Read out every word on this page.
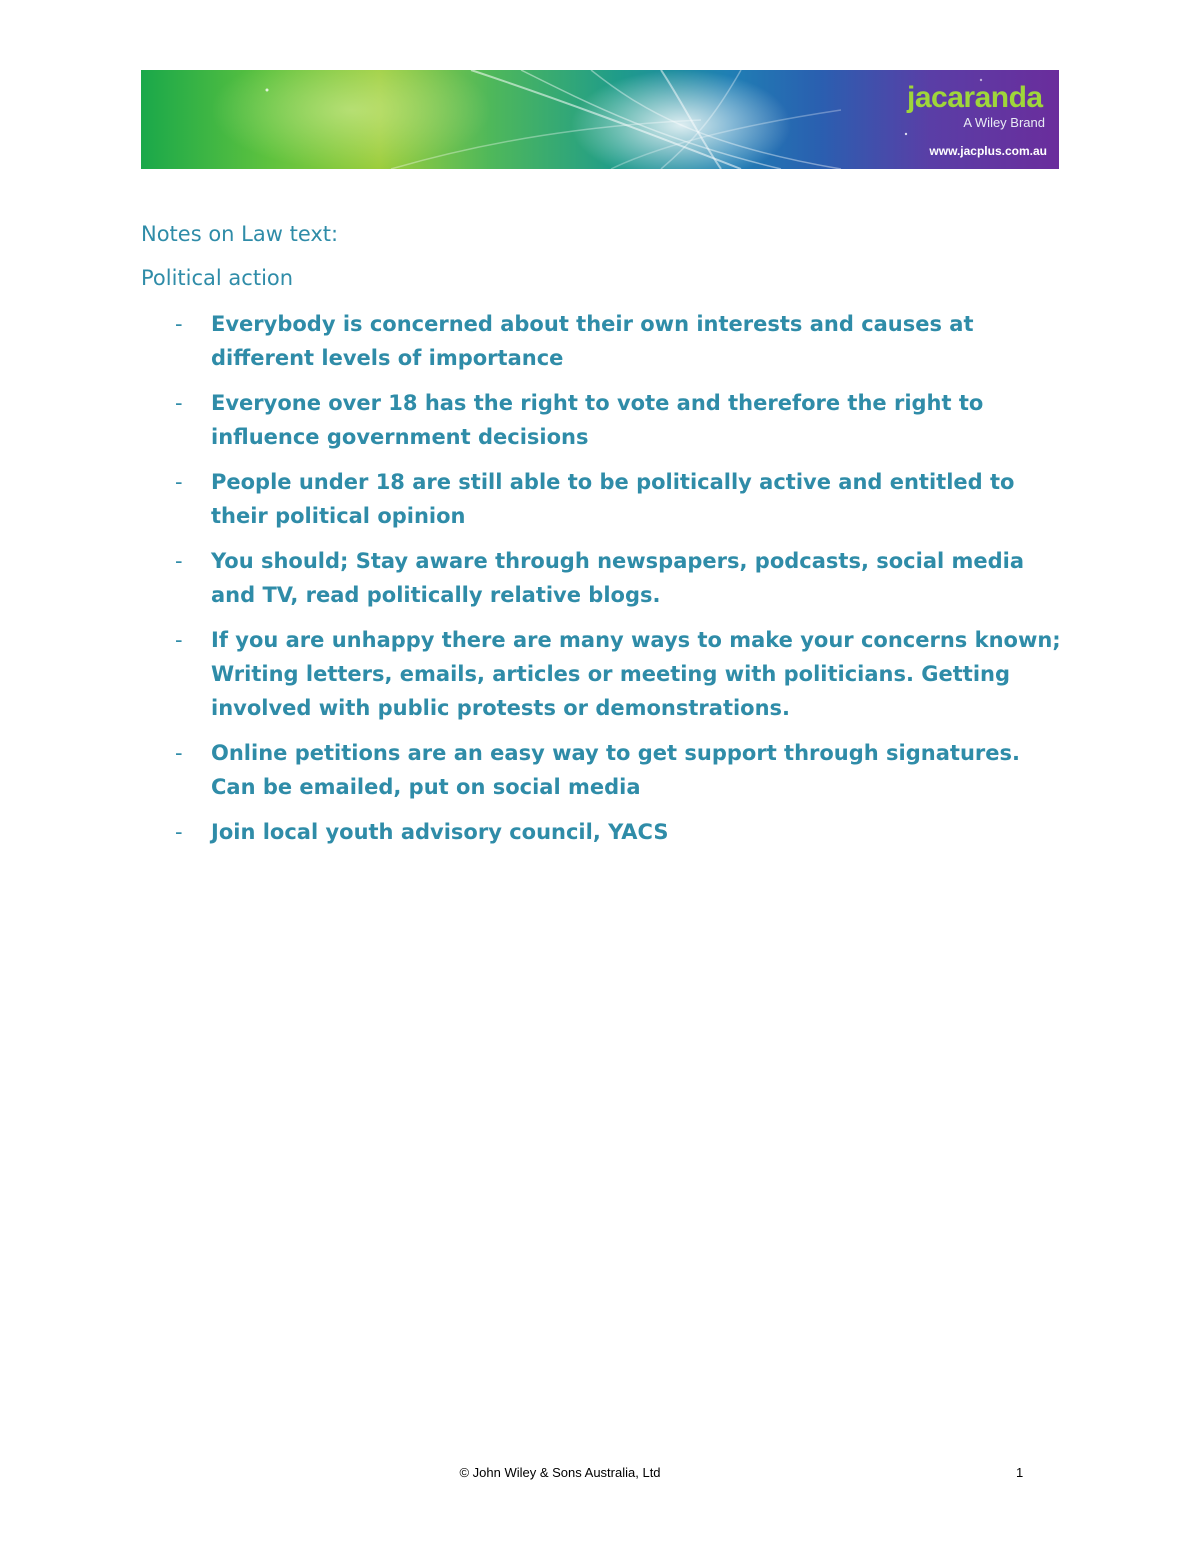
jacaranda
A Wiley Brand
www.jacplus.com.au

Notes on Law text:

Political action

- Everybody is concerned about their own interests and causes at different levels of importance
- Everyone over 18 has the right to vote and therefore the right to influence government decisions
- People under 18 are still able to be politically active and entitled to their political opinion
- You should; Stay aware through newspapers, podcasts, social media and TV, read politically relative blogs.
- If you are unhappy there are many ways to make your concerns known; Writing letters, emails, articles or meeting with politicians. Getting involved with public protests or demonstrations.
- Online petitions are an easy way to get support through signatures. Can be emailed, put on social media
- Join local youth advisory council, YACS
© John Wiley & Sons Australia, Ltd	1
